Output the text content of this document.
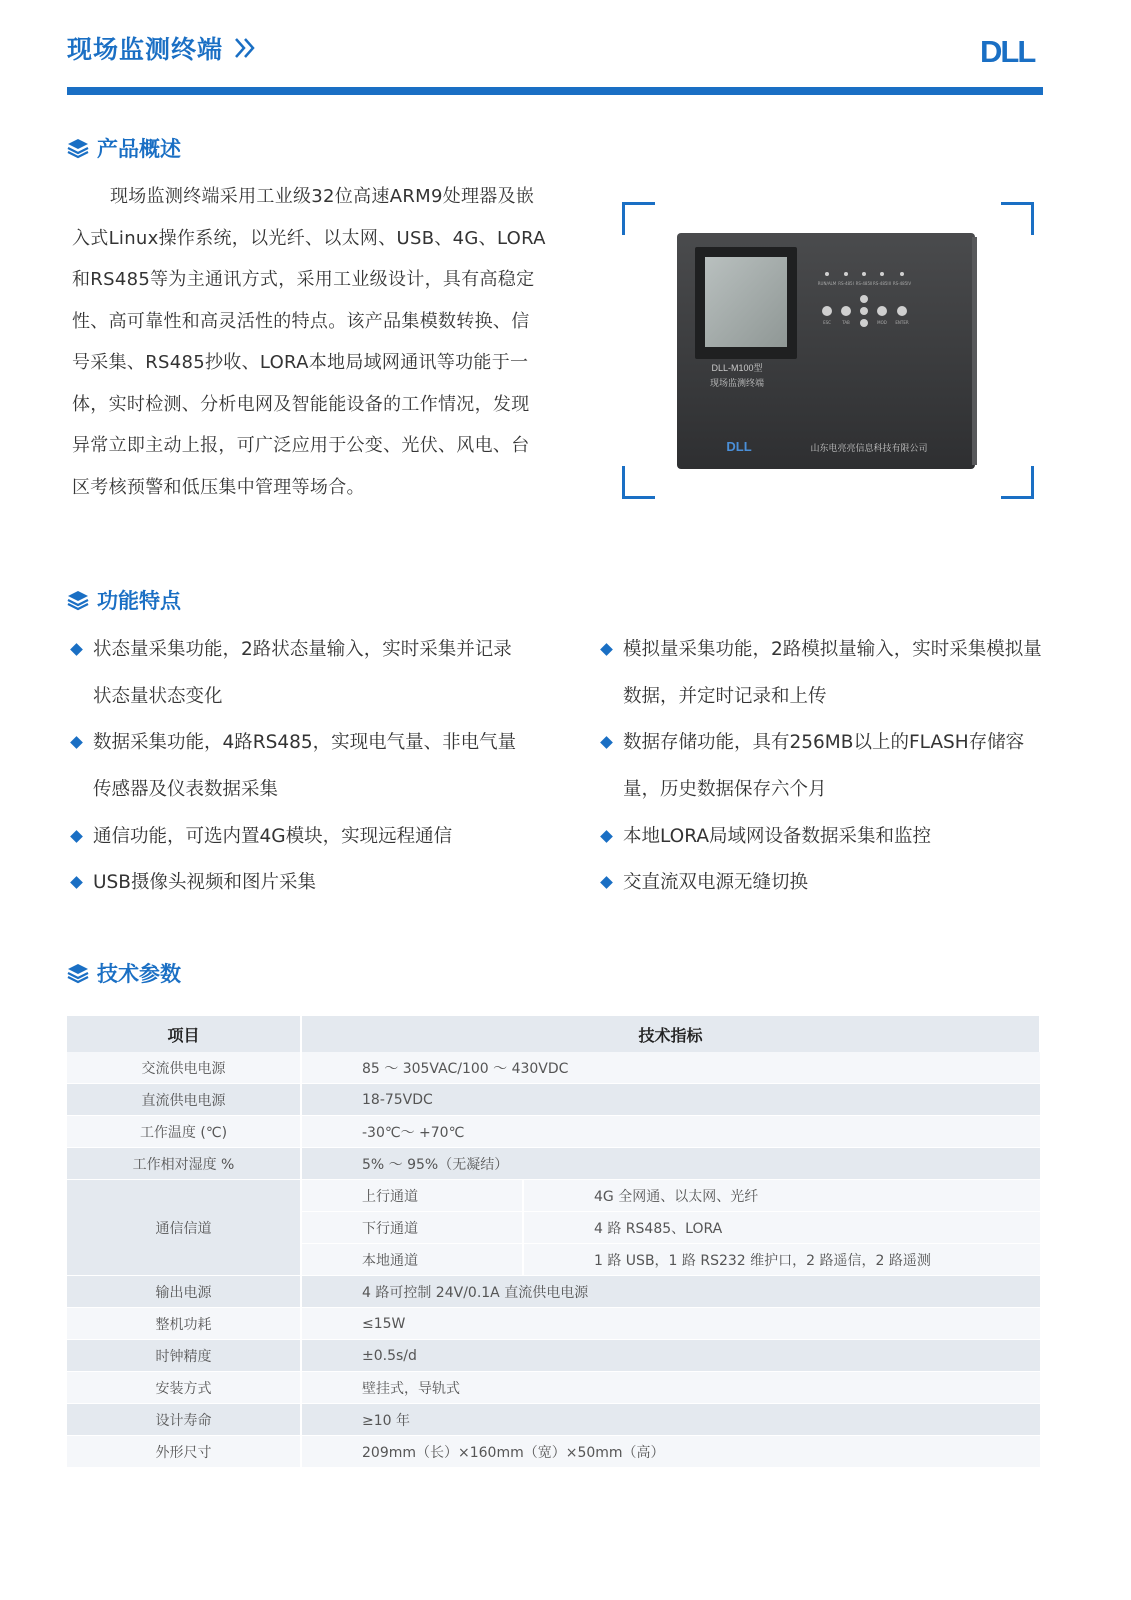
现场监测终端	DLL
产品概述
现场监测终端采用工业级32位高速ARM9处理器及嵌入式Linux操作系统，以光纤、以太网、USB、4G、LORA和RS485等为主通讯方式，采用工业级设计，具有高稳定性、高可靠性和高灵活性的特点。该产品集模数转换、信号采集、RS485抄收、LORA本地局域网通讯等功能于一体，实时检测、分析电网及智能能设备的工作情况，发现异常立即主动上报，可广泛应用于公变、光伏、风电、台区考核预警和低压集中管理等场合。
DLL-M100型
现场监测终端
RUN/ALM RS-485I RS-485II RS-485III RS-485IV
ESC	TAB	MOD ENTER
DLL	山东电亮亮信息科技有限公司
功能特点
状态量采集功能，2路状态量输入，实时采集并记录状态量状态变化
模拟量采集功能，2路模拟量输入，实时采集模拟量数据，并定时记录和上传
数据采集功能，4路RS485，实现电气量、非电气量传感器及仪表数据采集
数据存储功能，具有256MB以上的FLASH存储容量，历史数据保存六个月
通信功能，可选内置4G模块，实现远程通信	本地LORA局域网设备数据采集和监控
USB摄像头视频和图片采集	交直流双电源无缝切换
技术参数
项目	技术指标	
交流供电电源	85 ～ 305VAC/100 ～ 430VDC	
直流供电电源	18-75VDC	
工作温度 (℃)	-30℃～ +70℃	
工作相对湿度 %	5% ～ 95%（无凝结）	
通信信道	上行通道	4G 全网通、以太网、光纤
	下行通道	4 路 RS485、LORA
	本地通道	1 路 USB，1 路 RS232 维护口，2 路遥信，2 路遥测
输出电源	4 路可控制 24V/0.1A 直流供电电源	
整机功耗	≤15W	
时钟精度	±0.5s/d	
安装方式	壁挂式，导轨式	
设计寿命	≥10 年	
外形尺寸	209mm（长）×160mm（宽）×50mm（高）	
